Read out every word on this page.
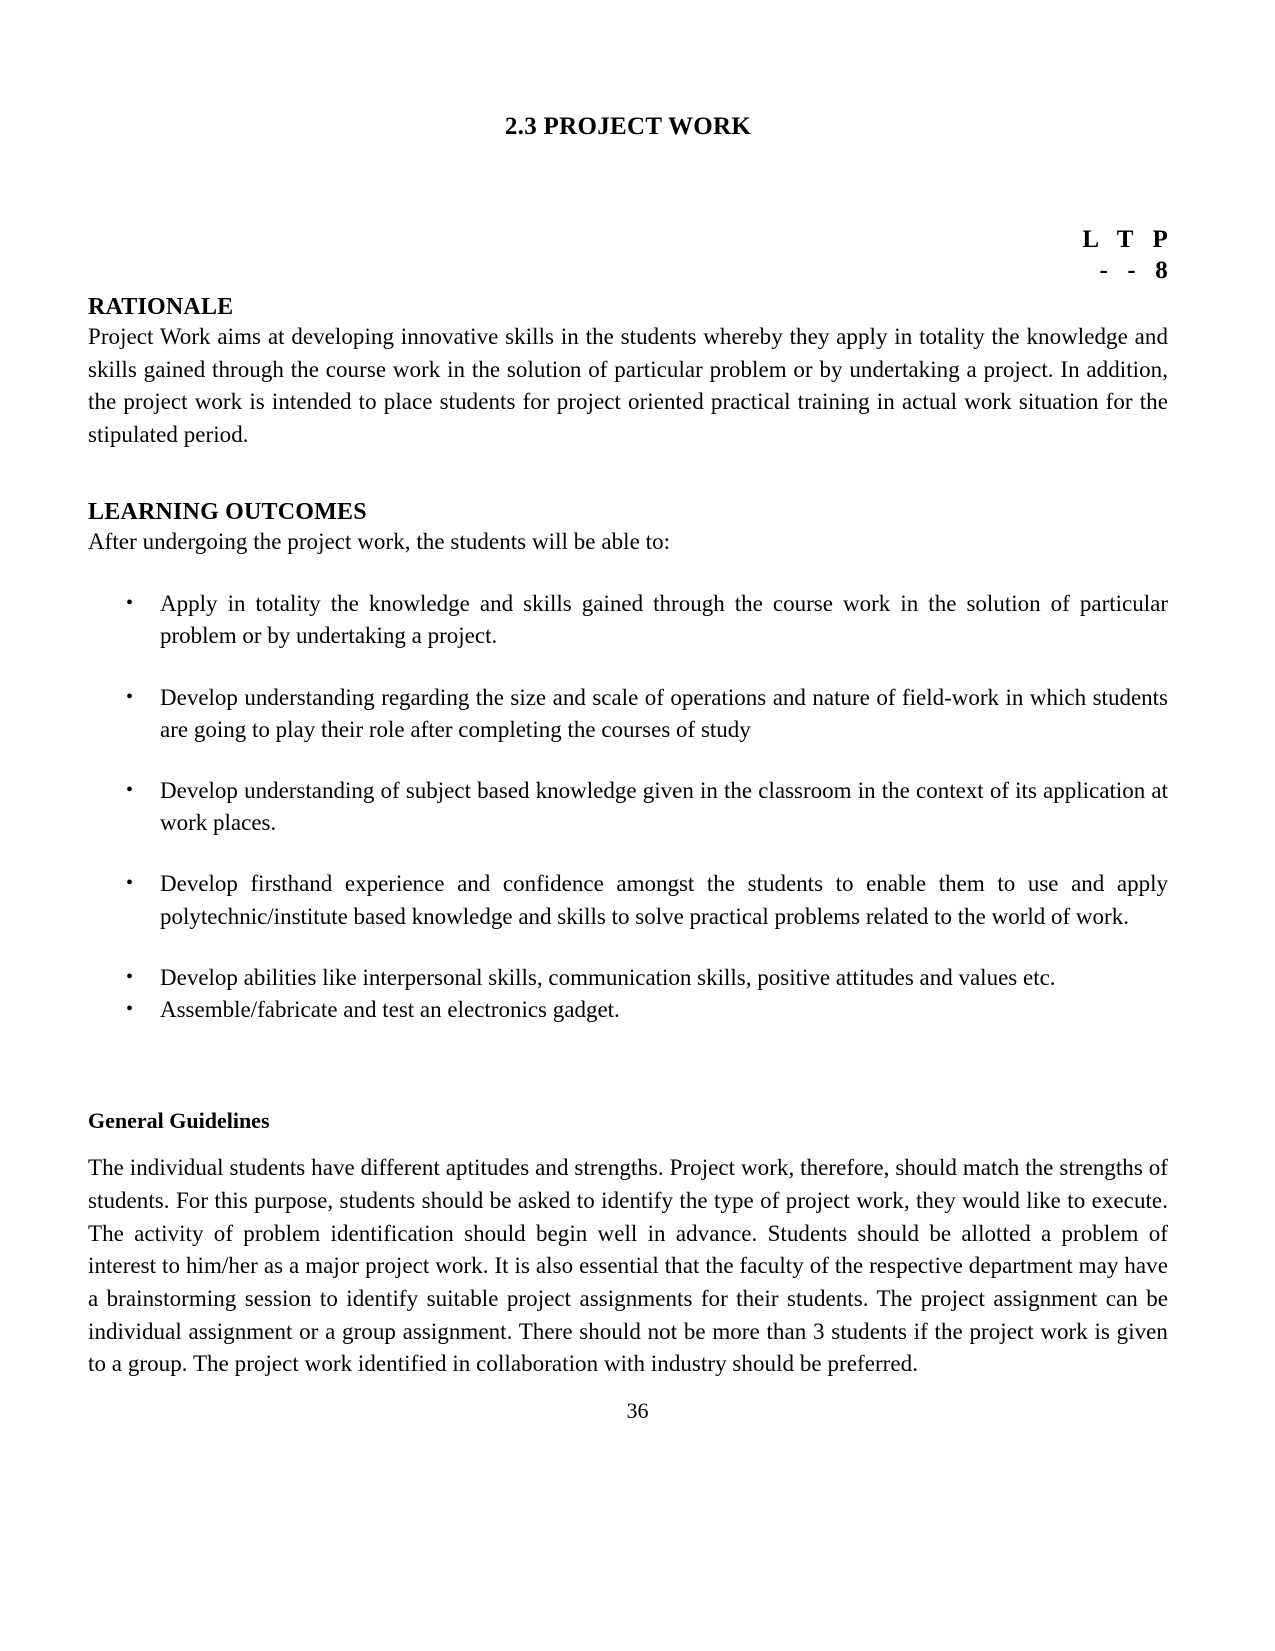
2.3 PROJECT WORK
L   T   P
-   -   8
RATIONALE

Project Work aims at developing innovative skills in the students whereby they apply in totality the knowledge and skills gained through the course work in the solution of particular problem or by undertaking a project. In addition, the project work is intended to place students for project oriented practical training in actual work situation for the stipulated period.

LEARNING OUTCOMES

After undergoing the project work, the students will be able to:

• Apply in totality the knowledge and skills gained through the course work in the solution of particular problem or by undertaking a project.
• Develop understanding regarding the size and scale of operations and nature of field-work in which students are going to play their role after completing the courses of study
• Develop understanding of subject based knowledge given in the classroom in the context of its application at work places.
• Develop firsthand experience and confidence amongst the students to enable them to use and apply polytechnic/institute based knowledge and skills to solve practical problems related to the world of work.
• Develop abilities like interpersonal skills, communication skills, positive attitudes and values etc.
• Assemble/fabricate and test an electronics gadget.
General Guidelines

The individual students have different aptitudes and strengths. Project work, therefore, should match the strengths of students. For this purpose, students should be asked to identify the type of project work, they would like to execute. The activity of problem identification should begin well in advance. Students should be allotted a problem of interest to him/her as a major project work. It is also essential that the faculty of the respective department may have a brainstorming session to identify suitable project assignments for their students. The project assignment can be individual assignment or a group assignment. There should not be more than 3 students if the project work is given to a group. The project work identified in collaboration with industry should be preferred.

36
